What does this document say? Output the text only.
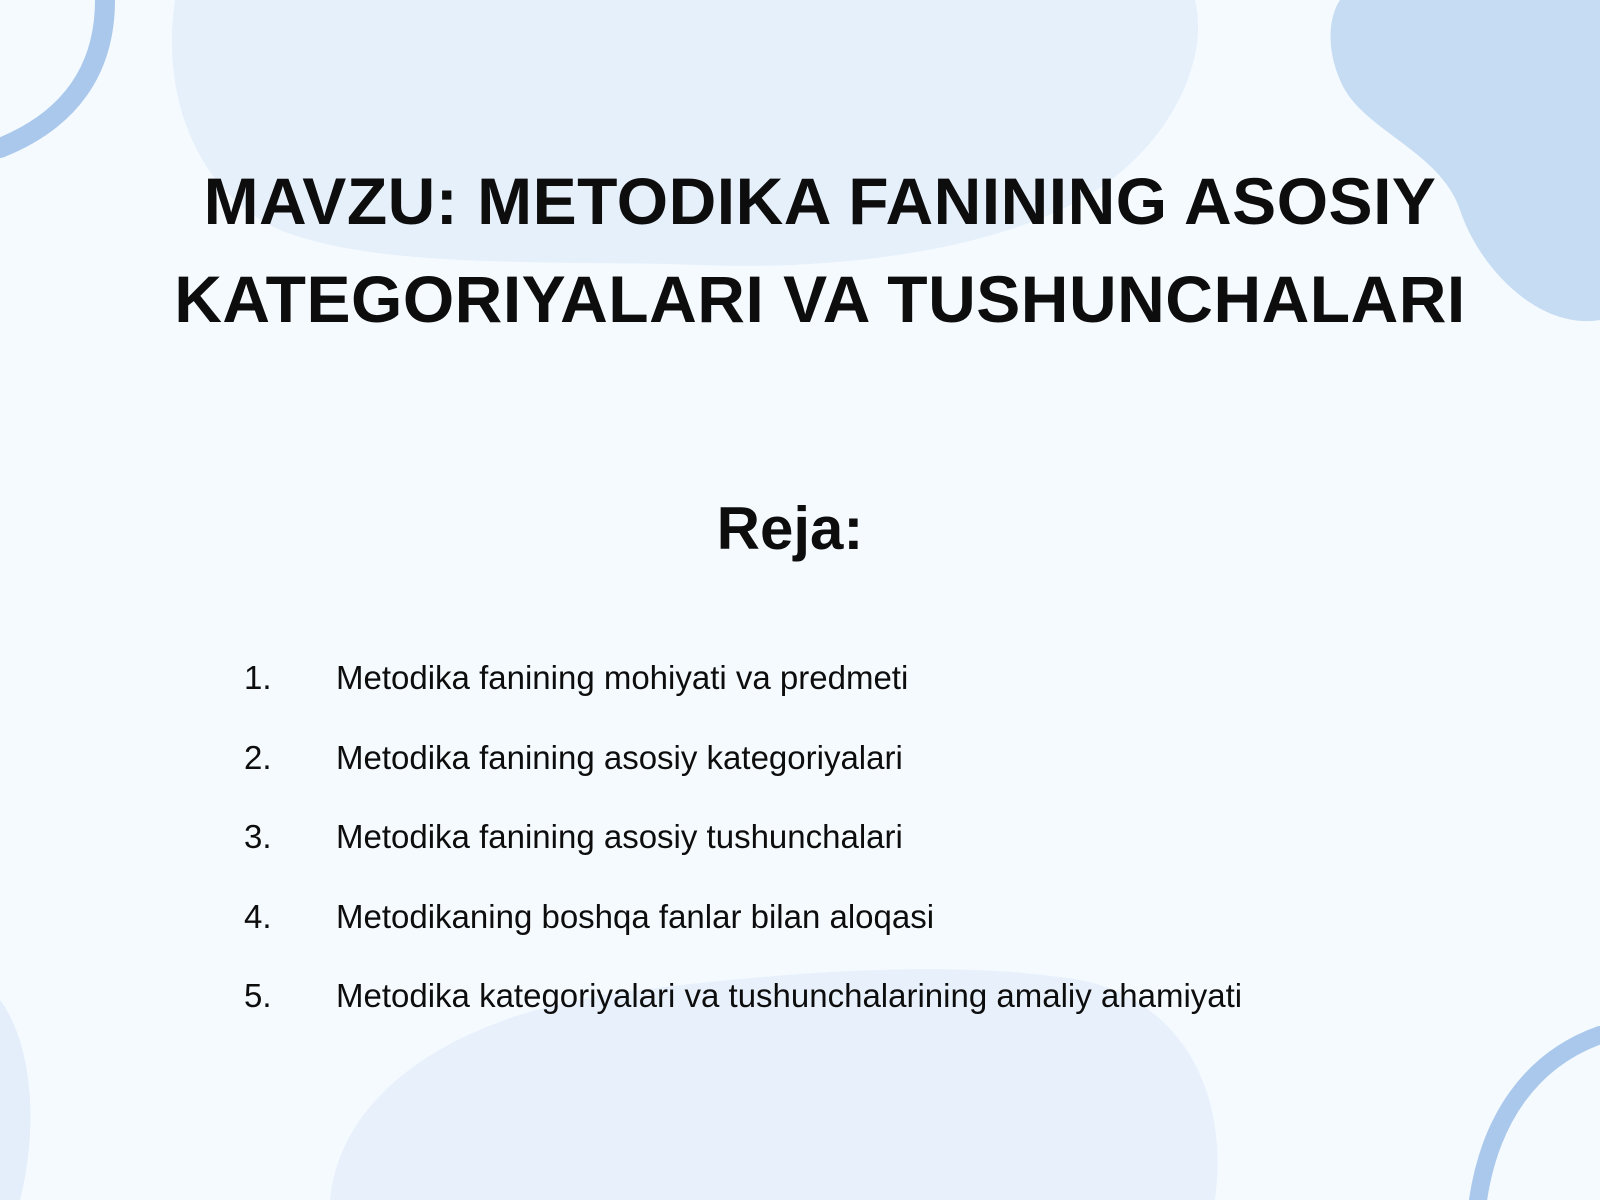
MAVZU: METODIKA FANINING ASOSIY
KATEGORIYALARI VA TUSHUNCHALARI
Reja:
1.	Metodika fanining mohiyati va predmeti
2.	Metodika fanining asosiy kategoriyalari
3.	Metodika fanining asosiy tushunchalari
4.	Metodikaning boshqa fanlar bilan aloqasi
5.	Metodika kategoriyalari va tushunchalarining amaliy ahamiyati
